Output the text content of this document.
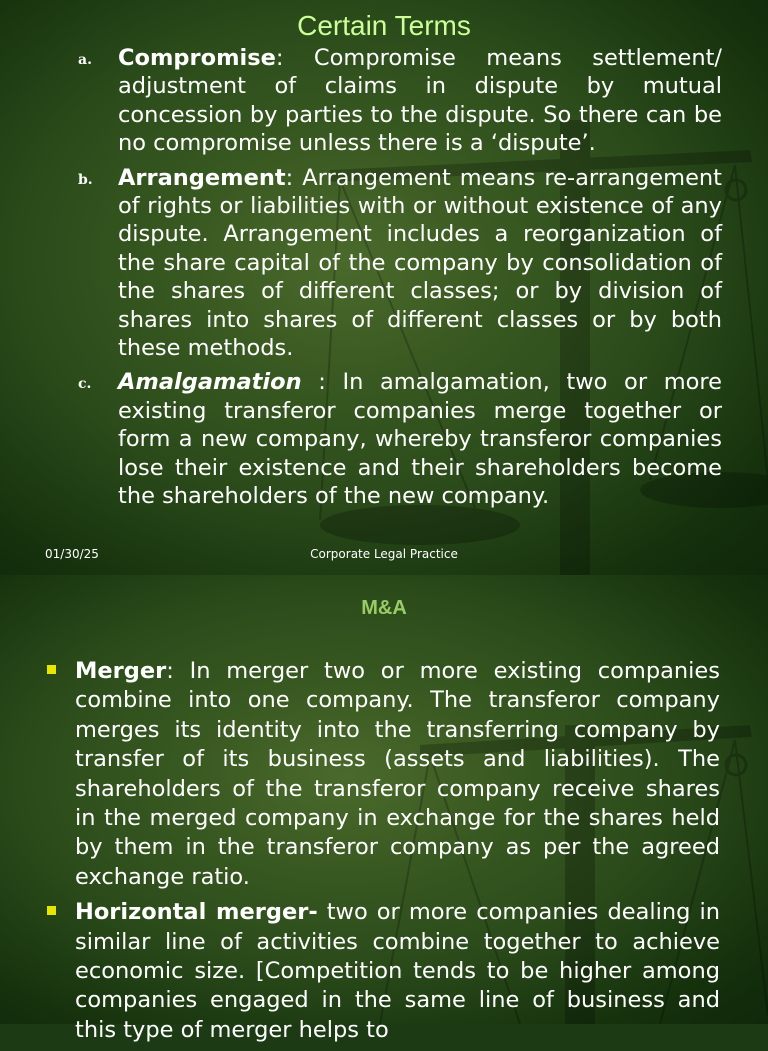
Certain Terms
a. Compromise: Compromise means settlement/ adjustment of claims in dispute by mutual concession by parties to the dispute. So there can be no compromise unless there is a ‘dispute’.
b. Arrangement: Arrangement means re-arrangement of rights or liabilities with or without existence of any dispute. Arrangement includes a reorganization of the share capital of the company by consolidation of the shares of different classes; or by division of shares into shares of different classes or by both these methods.
c. Amalgamation : In amalgamation, two or more existing transferor companies merge together or form a new company, whereby transferor companies lose their existence and their shareholders become the shareholders of the new company.
01/30/25	Corporate Legal Practice
M&A
Merger: In merger two or more existing companies combine into one company. The transferor company merges its identity into the transferring company by transfer of its business (assets and liabilities). The shareholders of the transferor company receive shares in the merged company in exchange for the shares held by them in the transferor company as per the agreed exchange ratio.
Horizontal merger- two or more companies dealing in similar line of activities combine together to achieve economic size. [Competition tends to be higher among companies engaged in the same line of business and this type of merger helps to
